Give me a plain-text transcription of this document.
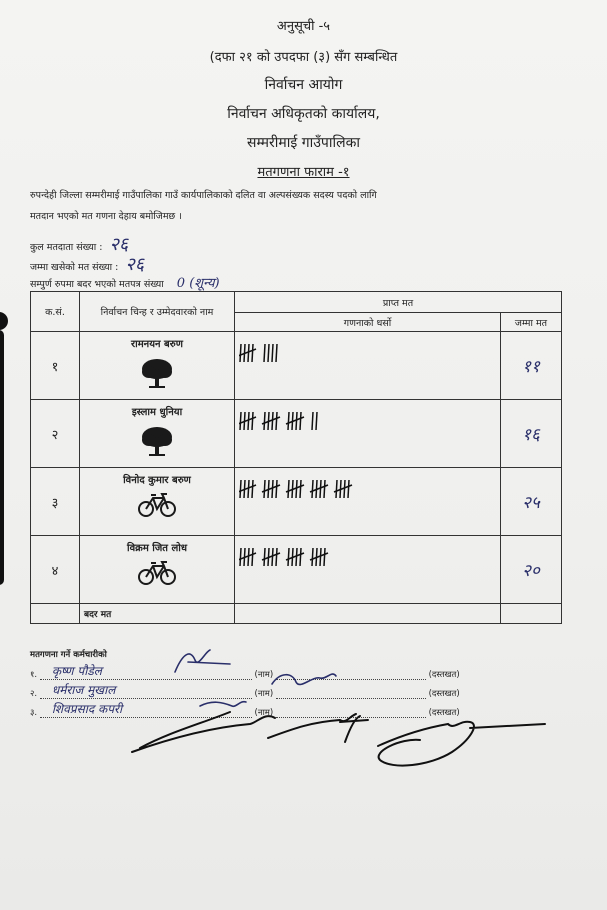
अनुसूची -५
(दफा २१ को उपदफा (३) सँग सम्बन्धित
निर्वाचन आयोग
निर्वाचन अधिकृतको कार्यालय,
सम्मरीमाई गाउँपालिका
मतगणना फाराम -१
रुपन्देही जिल्ला सम्मरीमाई गाउँपालिका गाउँ कार्यपालिकाको दलित वा अल्पसंख्यक सदस्य पदको लागि
मतदान भएको मत गणना देहाय बमोजिमछ ।
कुल मतदाता संख्या : २६
जम्मा खसेको मत संख्या : २६
सम्पुर्ण रुपमा बदर भएको मतपत्र संख्या 0 (शून्य)
क.सं.	निर्वाचन चिन्ह र उम्मेदवारको नाम	प्राप्त मत	
		गणनाको धर्सो	जम्मा मत
१	रामनयन बरुण		११
२	इस्लाम धुनिया		१६
३	विनोद कुमार बरुण		२५
४	विक्रम जित लोध		२०
	बदर मत		
मतगणना गर्ने कर्मचारीको
१. कृष्ण पौडेल	(नाम)	(दस्तखत)
२. धर्मराज मुखाल	(नाम)	(दस्तखत)
३. शिवप्रसाद कपरी	(नाम)	(दस्तखत)
